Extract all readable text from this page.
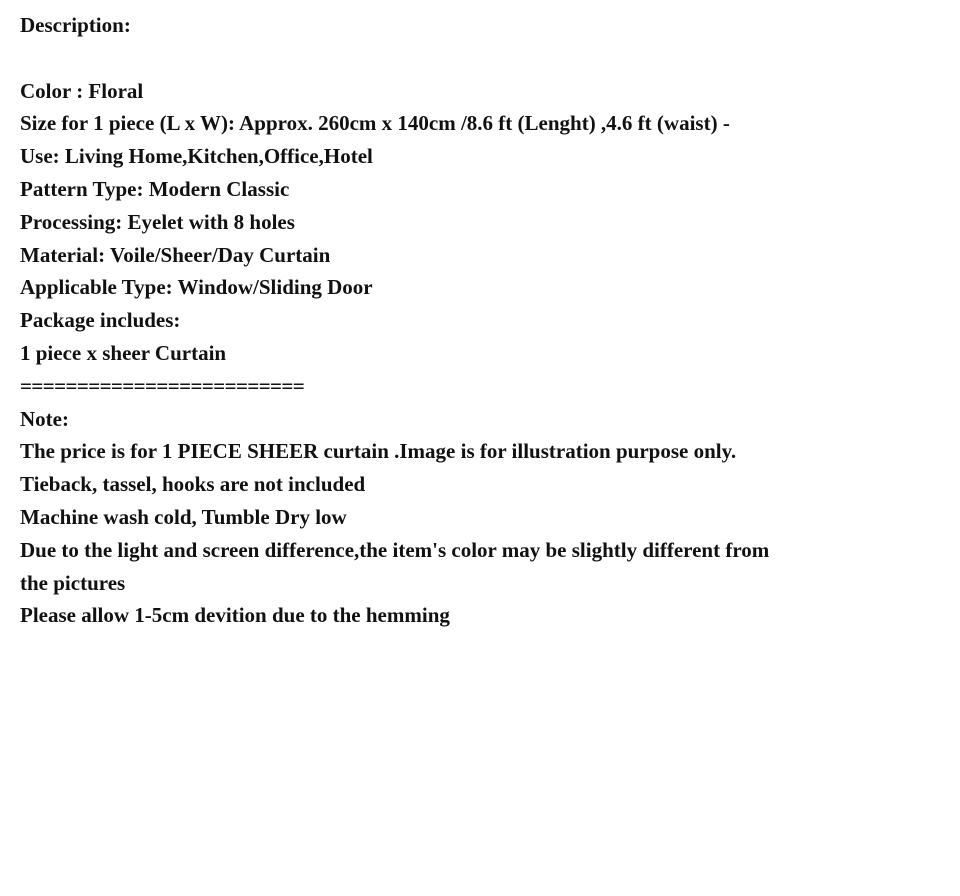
Description:
Color : Floral
Size for 1 piece (L x W): Approx. 260cm x 140cm /8.6 ft (Lenght) ,4.6 ft (waist) -
Use: Living Home,Kitchen,Office,Hotel
Pattern Type: Modern Classic
Processing: Eyelet with 8 holes
Material: Voile/Sheer/Day Curtain
Applicable Type: Window/Sliding Door
Package includes:
1 piece x sheer Curtain
=========================
Note:
The price is for 1 PIECE SHEER curtain .Image is for illustration purpose only.
Tieback, tassel, hooks are not included
Machine wash cold, Tumble Dry low
Due to the light and screen difference,the item's color may be slightly different from
the pictures
Please allow 1-5cm devition due to the hemming
